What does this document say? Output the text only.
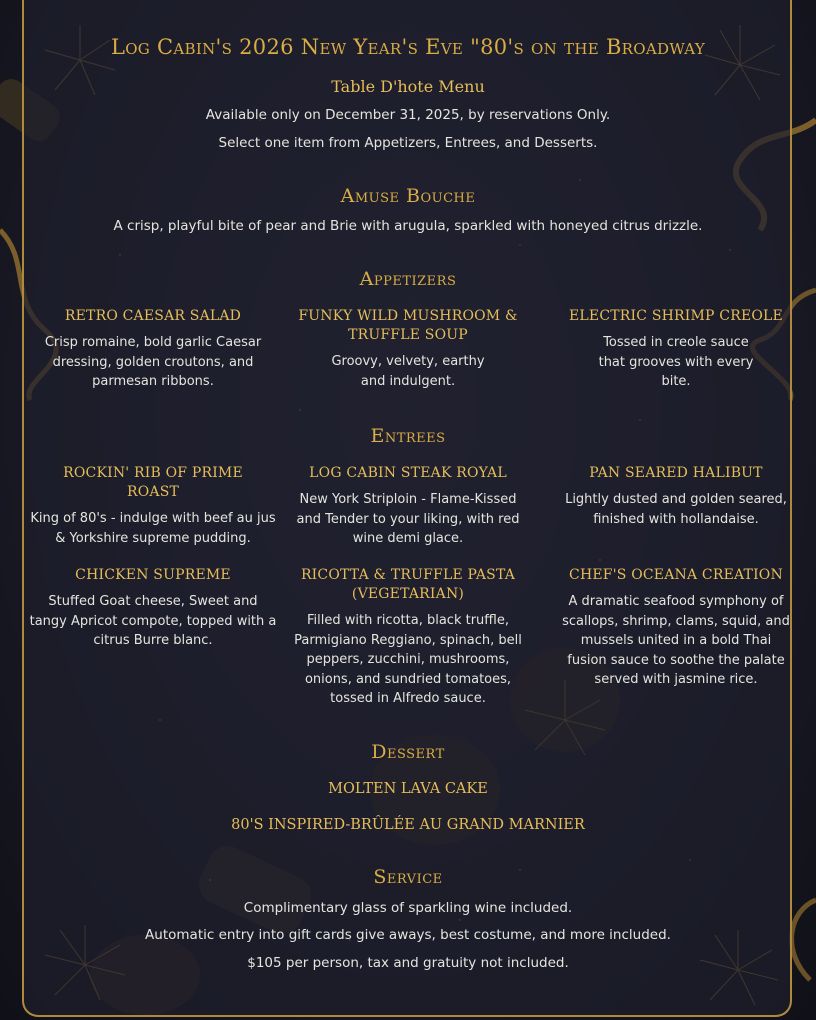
Log Cabin's 2026 New Year's Eve "80's on the Broadway
Table D'hote Menu
Available only on December 31, 2025, by reservations Only.
Select one item from Appetizers, Entrees, and Desserts.
Amuse Bouche
A crisp, playful bite of pear and Brie with arugula, sparkled with honeyed citrus drizzle.
Appetizers
RETRO CAESAR SALAD
Crisp romaine, bold garlic Caesar dressing, golden croutons, and parmesan ribbons.
FUNKY WILD MUSHROOM & TRUFFLE SOUP
Groovy, velvety, earthy and indulgent.
ELECTRIC SHRIMP CREOLE
Tossed in creole sauce that grooves with every bite.
Entrees
ROCKIN' RIB OF PRIME ROAST
King of 80's - indulge with beef au jus & Yorkshire supreme pudding.
LOG CABIN STEAK ROYAL
New York Striploin - Flame-Kissed and Tender to your liking, with red wine demi glace.
PAN SEARED HALIBUT
Lightly dusted and golden seared, finished with hollandaise.
CHICKEN SUPREME
Stuffed Goat cheese, Sweet and tangy Apricot compote, topped with a citrus Burre blanc.
RICOTTA & TRUFFLE PASTA (VEGETARIAN)
Filled with ricotta, black truffle, Parmigiano Reggiano, spinach, bell peppers, zucchini, mushrooms, onions, and sundried tomatoes, tossed in Alfredo sauce.
CHEF'S OCEANA CREATION
A dramatic seafood symphony of scallops, shrimp, clams, squid, and mussels united in a bold Thai fusion sauce to soothe the palate served with jasmine rice.
Dessert
MOLTEN LAVA CAKE
80'S INSPIRED-BRÛLÉE AU GRAND MARNIER
Service
Complimentary glass of sparkling wine included.
Automatic entry into gift cards give aways, best costume, and more included.
$105 per person, tax and gratuity not included.
